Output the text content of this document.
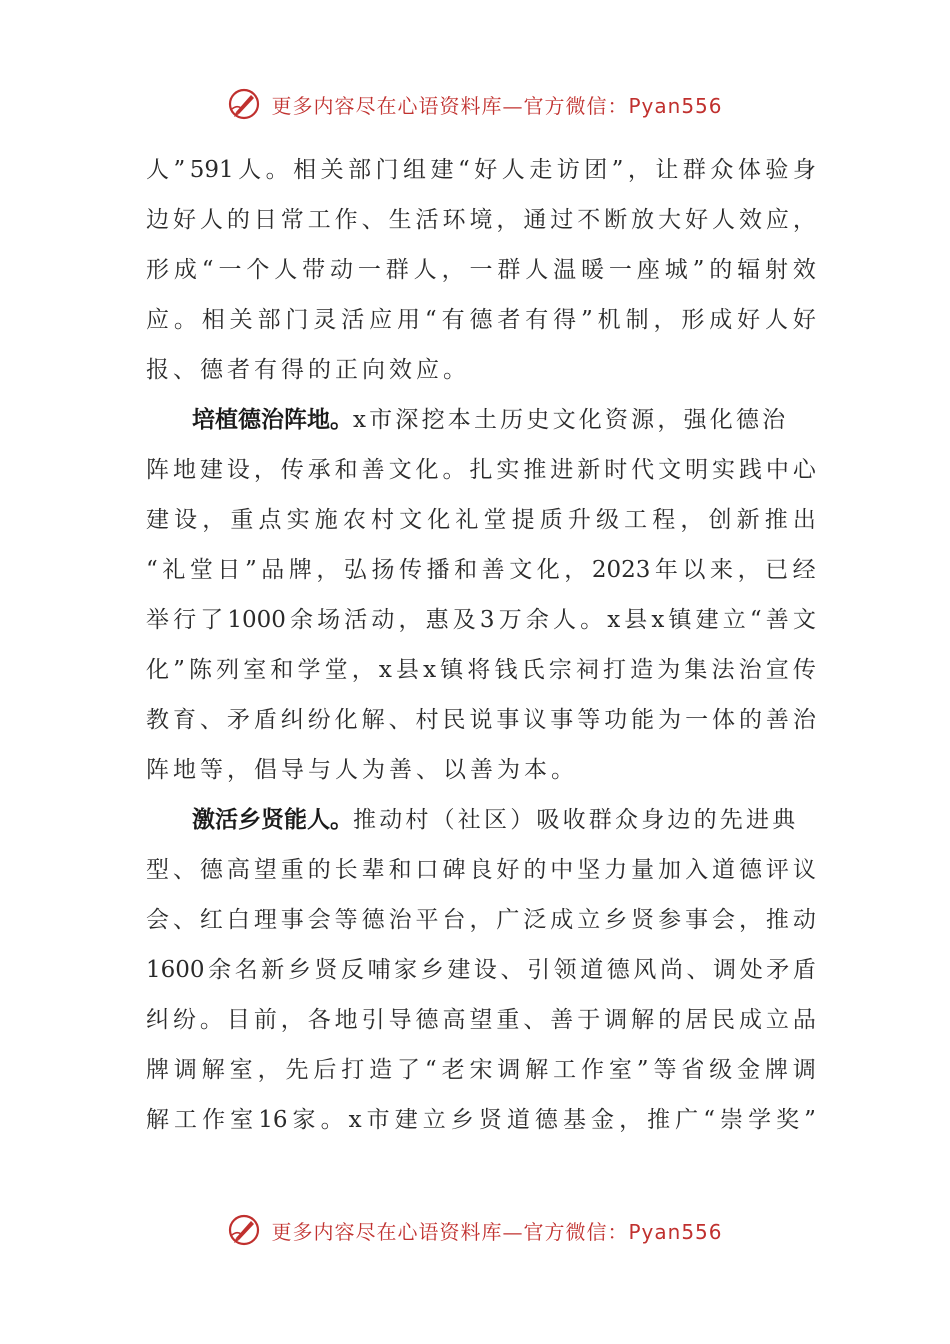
更多内容尽在心语资料库—官方微信：Pyan556
人 ” 591 人 。 相 关 部 门 组 建 “ 好 人 走 访 团 ” ， 让 群 众 体 验 身
边 好 人 的 日 常 工 作 、 生 活 环 境 ， 通 过 不 断 放 大 好 人 效 应 ，
形 成 “ 一 个 人 带 动 一 群 人 ， 一 群 人 温 暖 一 座 城 ” 的 辐 射 效
应 。 相 关 部 门 灵 活 应 用 “ 有 德 者 有 得 ” 机 制 ， 形 成 好 人 好
报、德者有得的正向效应。
培植德治阵地。 x市深挖本土历史文化资源，强化德治
阵 地 建 设 ， 传 承 和 善 文 化 。 扎 实 推 进 新 时 代 文 明 实 践 中 心
建 设 ， 重 点 实 施 农 村 文 化 礼 堂 提 质 升 级 工 程 ， 创 新 推 出
“ 礼 堂 日 ” 品 牌 ， 弘 扬 传 播 和 善 文 化 ， 2023 年 以 来 ， 已 经
举 行 了 1000 余 场 活 动 ， 惠 及 3 万 余 人 。 x 县 x 镇 建 立 “ 善 文
化 ” 陈 列 室 和 学 堂 ， x 县 x 镇 将 钱 氏 宗 祠 打 造 为 集 法 治 宣 传
教 育 、 矛 盾 纠 纷 化 解 、 村 民 说 事 议 事 等 功 能 为 一 体 的 善 治
阵地等，倡导与人为善、以善为本。
激活乡贤能人。 推动村（社区）吸收群众身边的先进典
型 、 德 高 望 重 的 长 辈 和 口 碑 良 好 的 中 坚 力 量 加 入 道 德 评 议
会 、 红 白 理 事 会 等 德 治 平 台 ， 广 泛 成 立 乡 贤 参 事 会 ， 推 动
1600 余 名 新 乡 贤 反 哺 家 乡 建 设 、 引 领 道 德 风 尚 、 调 处 矛 盾
纠 纷 。 目 前 ， 各 地 引 导 德 高 望 重 、 善 于 调 解 的 居 民 成 立 品
牌 调 解 室 ， 先 后 打 造 了 “ 老 宋 调 解 工 作 室 ” 等 省 级 金 牌 调
解 工 作 室 16 家 。 x 市 建 立 乡 贤 道 德 基 金 ， 推 广 “ 崇 学 奖 ”
更多内容尽在心语资料库—官方微信：Pyan556
